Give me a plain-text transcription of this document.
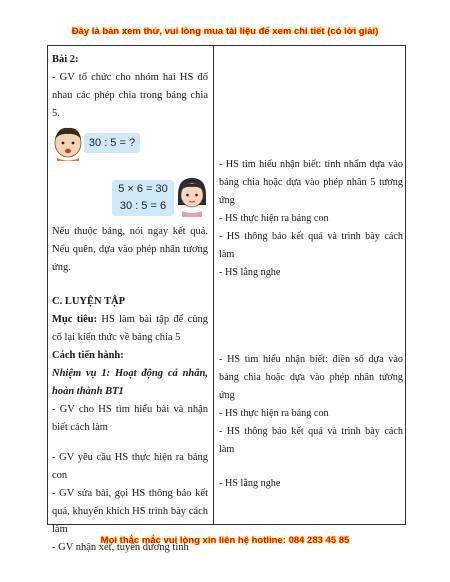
Đây là bản xem thử, vui lòng mua tài liệu để xem chi tiết (có lời giải)

Bài 2:

- GV tổ chức cho nhóm hai HS đố nhau các phép chia trong bảng chia 5.

30 : 5 = ?
5 × 6 = 30
30 : 5 = 6

Nếu thuộc bảng, nói ngay kết quả. Nếu quên, dựa vào phép nhân tương ứng.

C. LUYỆN TẬP

Mục tiêu: HS làm bài tập để củng cố lại kiến thức về bảng chia 5

Cách tiến hành:

Nhiệm vụ 1: Hoạt động cá nhân, hoàn thành BT1

- GV cho HS tìm hiểu bài và nhận biết cách làm

- GV yêu cầu HS thực hiện ra bảng con

- GV sửa bài, gọi HS thông báo kết quả, khuyến khích HS trình bày cách làm

- GV nhận xét, tuyên dương tinh

- HS tìm hiểu nhận biết: tính nhẩm dựa vào bảng chia hoặc dựa vào phép nhân 5 tương ứng

- HS thực hiện ra bảng con

- HS thông báo kết quả và trình bày cách làm

- HS lắng nghe

- HS tìm hiểu nhận biết: điền số dựa vào bảng chia hoặc dựa vào phép nhân tương ứng

- HS thực hiện ra bảng con

- HS thông báo kết quả và trình bày cách làm

- HS lắng nghe

Mọi thắc mắc vui lòng xin liên hệ hotline: 084 283 45 85
